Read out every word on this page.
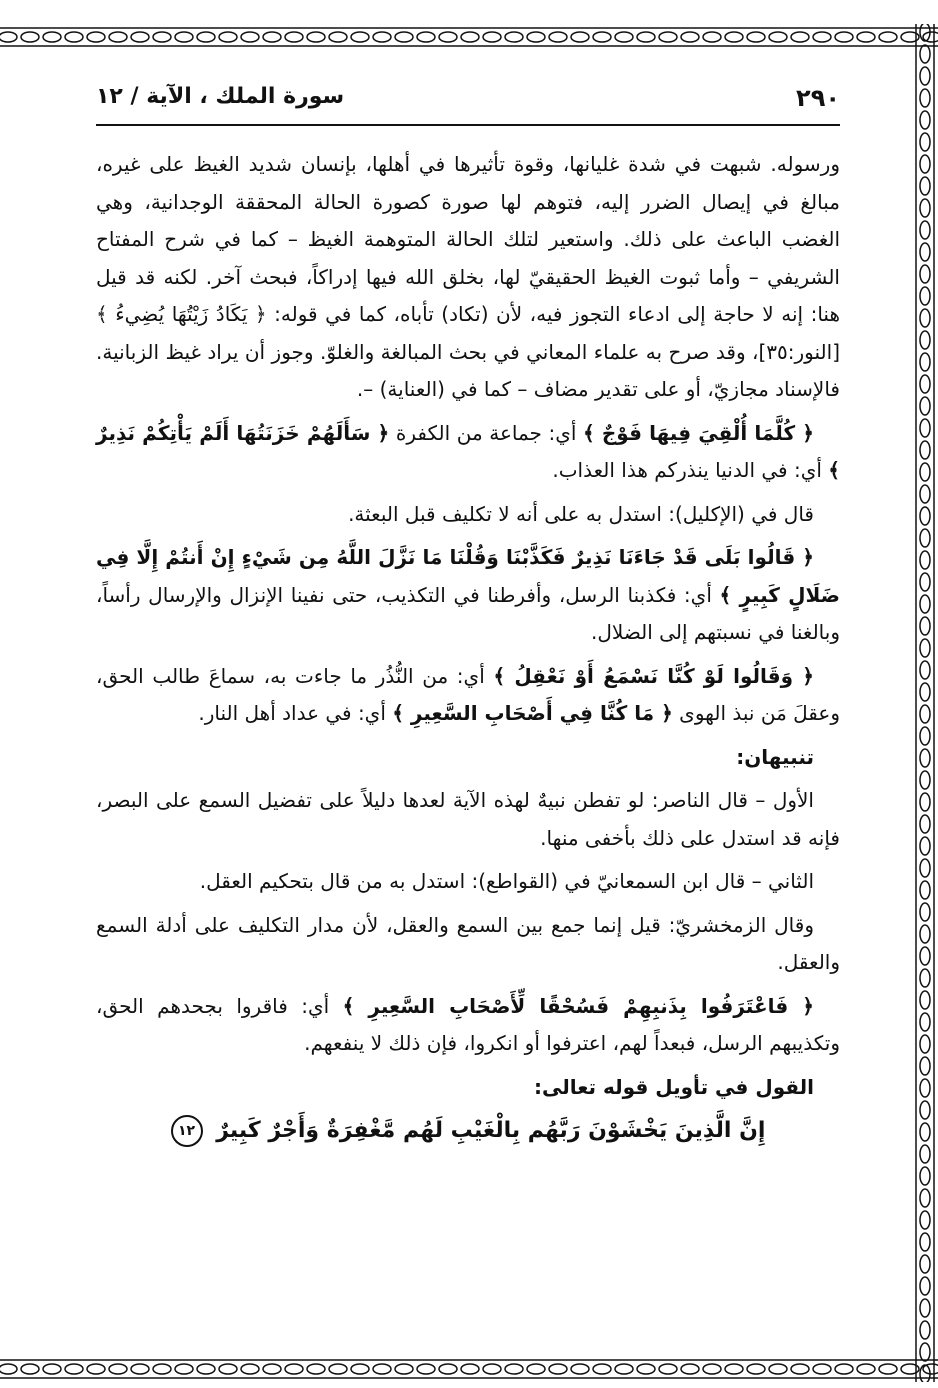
٢٩٠
سورة الملك ، الآية / ١٢

ورسوله. شبهت في شدة غليانها، وقوة تأثيرها في أهلها، بإنسان شديد الغيظ على غيره، مبالغ في إيصال الضرر إليه، فتوهم لها صورة كصورة الحالة المحققة الوجدانية، وهي الغضب الباعث على ذلك. واستعير لتلك الحالة المتوهمة الغيظ – كما في شرح المفتاح الشريفي – وأما ثبوت الغيظ الحقيقيّ لها، بخلق الله فيها إدراكاً، فبحث آخر. لكنه قد قيل هنا: إنه لا حاجة إلى ادعاء التجوز فيه، لأن (تكاد) تأباه، كما في قوله: ﴿ يَكَادُ زَيْتُهَا يُضِيءُ ﴾ [النور:٣٥]، وقد صرح به علماء المعاني في بحث المبالغة والغلوّ. وجوز أن يراد غيظ الزبانية. فالإسناد مجازيّ، أو على تقدير مضاف – كما في (العناية) –.

﴿ كُلَّمَا أُلْقِيَ فِيهَا فَوْجٌ ﴾ أي: جماعة من الكفرة ﴿ سَأَلَهُمْ خَزَنَتُهَا أَلَمْ يَأْتِكُمْ نَذِيرٌ ﴾ أي: في الدنيا ينذركم هذا العذاب.

قال في (الإكليل): استدل به على أنه لا تكليف قبل البعثة.

﴿ قَالُوا بَلَى قَدْ جَاءَنَا نَذِيرٌ فَكَذَّبْنَا وَقُلْنَا مَا نَزَّلَ اللَّهُ مِن شَيْءٍ إِنْ أَنتُمْ إِلَّا فِي ضَلَالٍ كَبِيرٍ ﴾ أي: فكذبنا الرسل، وأفرطنا في التكذيب، حتى نفينا الإنزال والإرسال رأساً، وبالغنا في نسبتهم إلى الضلال.

﴿ وَقَالُوا لَوْ كُنَّا نَسْمَعُ أَوْ نَعْقِلُ ﴾ أي: من النُّذُر ما جاءت به، سماعَ طالب الحق، وعقلَ مَن نبذ الهوى ﴿ مَا كُنَّا فِي أَصْحَابِ السَّعِيرِ ﴾ أي: في عداد أهل النار.

تنبيهان:

الأول – قال الناصر: لو تفطن نبيهٌ لهذه الآية لعدها دليلاً على تفضيل السمع على البصر، فإنه قد استدل على ذلك بأخفى منها.

الثاني – قال ابن السمعانيّ في (القواطع): استدل به من قال بتحكيم العقل.

وقال الزمخشريّ: قيل إنما جمع بين السمع والعقل، لأن مدار التكليف على أدلة السمع والعقل.

﴿ فَاعْتَرَفُوا بِذَنبِهِمْ فَسُحْقًا لِّأَصْحَابِ السَّعِيرِ ﴾ أي: فاقروا بجحدهم الحق، وتكذيبهم الرسل، فبعداً لهم، اعترفوا أو انكروا، فإن ذلك لا ينفعهم.

القول في تأويل قوله تعالى:

إِنَّ الَّذِينَ يَخْشَوْنَ رَبَّهُم بِالْغَيْبِ لَهُم مَّغْفِرَةٌ وَأَجْرٌ كَبِيرٌ ١٢
